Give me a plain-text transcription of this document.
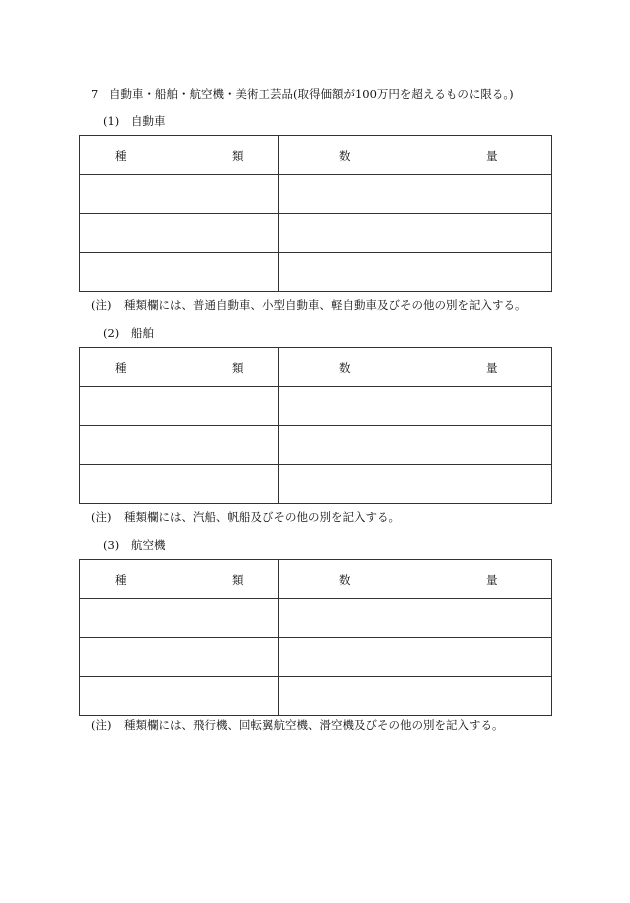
7 自動車・船舶・航空機・美術工芸品(取得価額が100万円を超えるものに限る。)
(1) 自動車
種 類	数 量

(注) 種類欄には、普通自動車、小型自動車、軽自動車及びその他の別を記入する。
(2) 船舶
種 類	数 量

(注) 種類欄には、汽船、帆船及びその他の別を記入する。
(3) 航空機
種 類	数 量

(注) 種類欄には、飛行機、回転翼航空機、滑空機及びその他の別を記入する。
